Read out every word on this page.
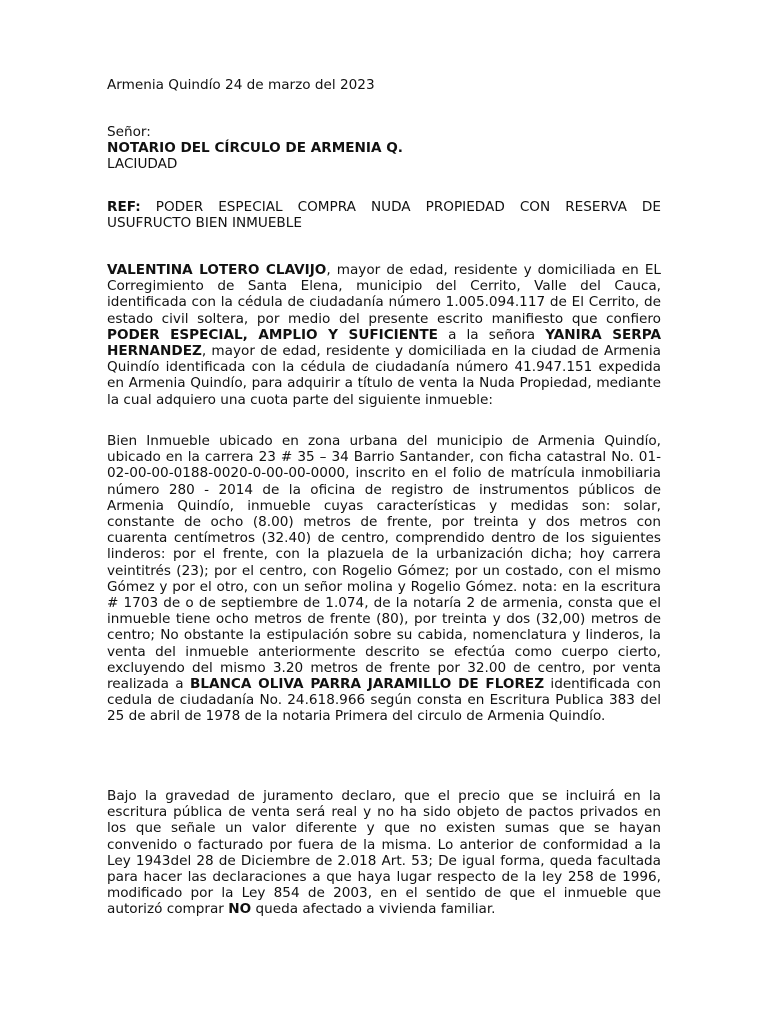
Armenia Quindío 24 de marzo del 2023

Señor:
NOTARIO DEL CÍRCULO DE ARMENIA Q.
LACIUDAD

REF: PODER ESPECIAL COMPRA NUDA PROPIEDAD CON RESERVA DE USUFRUCTO BIEN INMUEBLE

VALENTINA LOTERO CLAVIJO, mayor de edad, residente y domiciliada en EL Corregimiento de Santa Elena, municipio del Cerrito, Valle del Cauca, identificada con la cédula de ciudadanía número 1.005.094.117 de El Cerrito, de estado civil soltera, por medio del presente escrito manifiesto que confiero PODER ESPECIAL, AMPLIO Y SUFICIENTE a la señora YANIRA SERPA HERNANDEZ, mayor de edad, residente y domiciliada en la ciudad de Armenia Quindío identificada con la cédula de ciudadanía número 41.947.151 expedida en Armenia Quindío, para adquirir a título de venta la Nuda Propiedad, mediante la cual adquiero una cuota parte del siguiente inmueble:

Bien Inmueble ubicado en zona urbana del municipio de Armenia Quindío, ubicado en la carrera 23 # 35 – 34 Barrio Santander, con ficha catastral No. 01-02-00-00-0188-0020-0-00-00-0000, inscrito en el folio de matrícula inmobiliaria número 280 - 2014 de la oficina de registro de instrumentos públicos de Armenia Quindío, inmueble cuyas características y medidas son: solar, constante de ocho (8.00) metros de frente, por treinta y dos metros con cuarenta centímetros (32.40) de centro, comprendido dentro de los siguientes linderos: por el frente, con la plazuela de la urbanización dicha; hoy carrera veintitrés (23); por el centro, con Rogelio Gómez; por un costado, con el mismo Gómez y por el otro, con un señor molina y Rogelio Gómez. nota: en la escritura # 1703 de o de septiembre de 1.074, de la notaría 2 de armenia, consta que el inmueble tiene ocho metros de frente (80), por treinta y dos (32,00) metros de centro; No obstante la estipulación sobre su cabida, nomenclatura y linderos, la venta del inmueble anteriormente descrito se efectúa como cuerpo cierto, excluyendo del mismo 3.20 metros de frente por 32.00 de centro, por venta realizada a BLANCA OLIVA PARRA JARAMILLO DE FLOREZ identificada con cedula de ciudadanía No. 24.618.966 según consta en Escritura Publica 383 del 25 de abril de 1978 de la notaria Primera del circulo de Armenia Quindío.

Bajo la gravedad de juramento declaro, que el precio que se incluirá en la escritura pública de venta será real y no ha sido objeto de pactos privados en los que señale un valor diferente y que no existen sumas que se hayan convenido o facturado por fuera de la misma. Lo anterior de conformidad a la Ley 1943del 28 de Diciembre de 2.018 Art. 53; De igual forma, queda facultada para hacer las declaraciones a que haya lugar respecto de la ley 258 de 1996, modificado por la Ley 854 de 2003, en el sentido de que el inmueble que autorizó comprar NO queda afectado a vivienda familiar.
